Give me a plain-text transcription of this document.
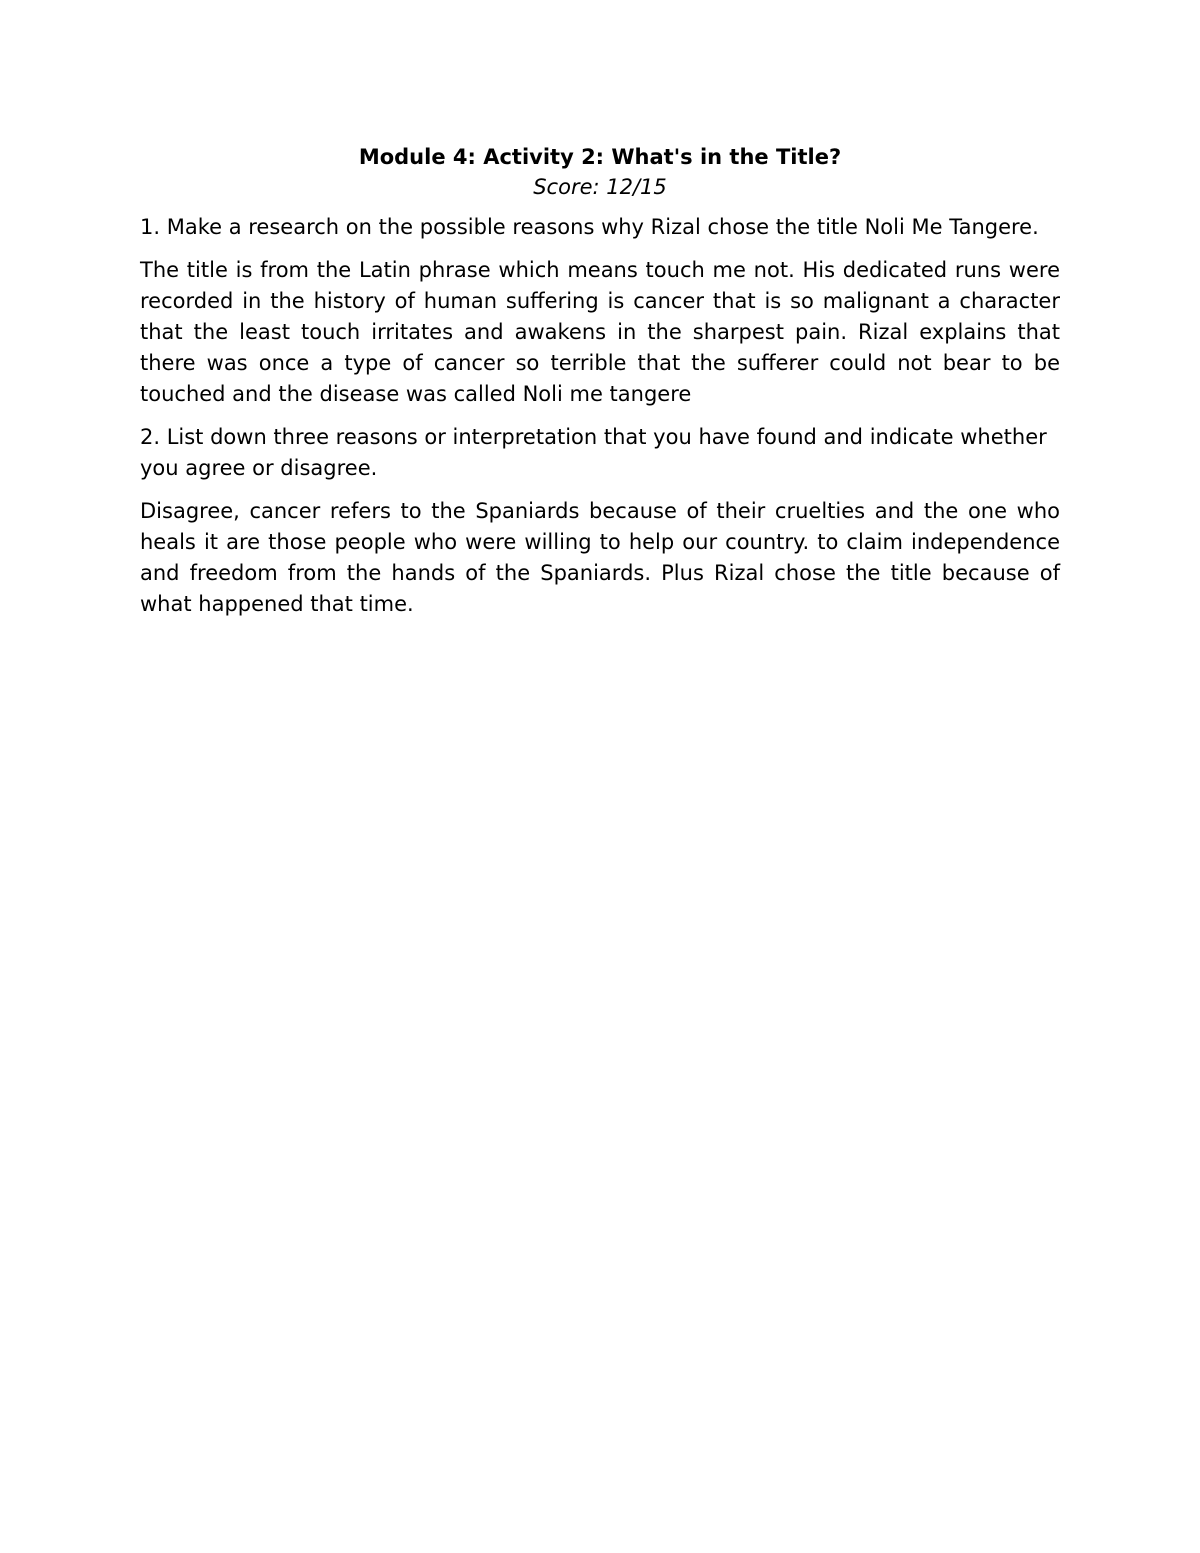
Module 4: Activity 2: What's in the Title?

Score: 12/15

1. Make a research on the possible reasons why Rizal chose the title Noli Me Tangere.

The title is from the Latin phrase which means touch me not. His dedicated runs were recorded in the history of human suffering is cancer that is so malignant a character that the least touch irritates and awakens in the sharpest pain. Rizal explains that there was once a type of cancer so terrible that the sufferer could not bear to be touched and the disease was called Noli me tangere

2. List down three reasons or interpretation that you have found and indicate whether you agree or disagree.

Disagree, cancer refers to the Spaniards because of their cruelties and the one who heals it are those people who were willing to help our country. to claim independence and freedom from the hands of the Spaniards. Plus Rizal chose the title because of what happened that time.
